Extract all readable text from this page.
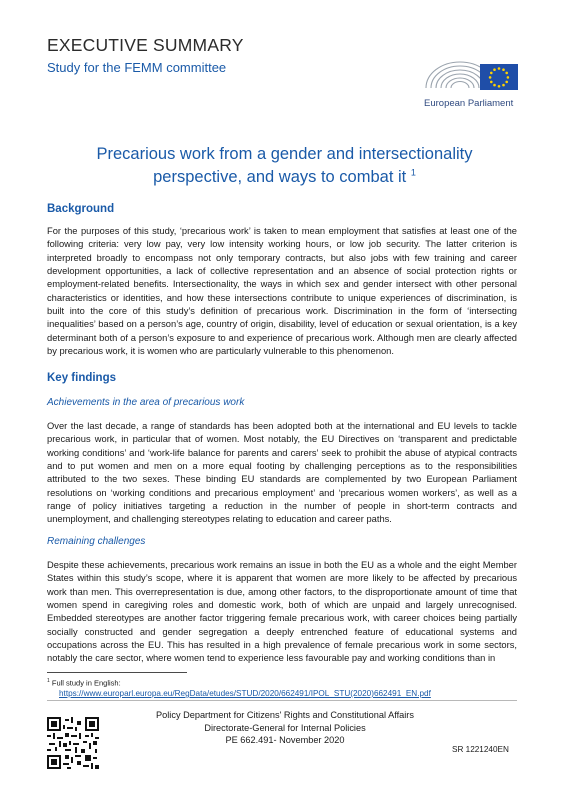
EXECUTIVE SUMMARY
Study for the FEMM committee
European Parliament
Precarious work from a gender and intersectionality
perspective, and ways to combat it $^1$
Background
For the purposes of this study, ‘precarious work’ is taken to mean employment that satisfies at least one of the following criteria: very low pay, very low intensity working hours, or low job security. The latter criterion is interpreted broadly to encompass not only temporary contracts, but also jobs with few training and career development opportunities, a lack of collective representation and an absence of social protection rights or employment-related benefits. Intersectionality, the ways in which sex and gender intersect with other personal characteristics or identities, and how these intersections contribute to unique experiences of discrimination, is built into the core of this study’s definition of precarious work. Discrimination in the form of ‘intersecting inequalities’ based on a person’s age, country of origin, disability, level of education or sexual orientation, is a key determinant both of a person’s exposure to and experience of precarious work. Although men are clearly affected by precarious work, it is women who are particularly vulnerable to this phenomenon.
Key findings
Achievements in the area of precarious work
Over the last decade, a range of standards has been adopted both at the international and EU levels to tackle precarious work, in particular that of women. Most notably, the EU Directives on ‘transparent and predictable working conditions’ and ‘work-life balance for parents and carers’ seek to prohibit the abuse of atypical contracts and to put women and men on a more equal footing by challenging perceptions as to the responsibilities attributed to the two sexes. These binding EU standards are complemented by two European Parliament resolutions on ‘working conditions and precarious employment’ and ‘precarious women workers’, as well as a range of policy initiatives targeting a reduction in the number of people in short-term contracts and unemployment, and challenging stereotypes relating to education and career paths.
Remaining challenges
Despite these achievements, precarious work remains an issue in both the EU as a whole and the eight Member States within this study’s scope, where it is apparent that women are more likely to be affected by precarious work than men. This overrepresentation is due, among other factors, to the disproportionate amount of time that women spend in caregiving roles and domestic work, both of which are unpaid and largely unrecognised. Embedded stereotypes are another factor triggering female precarious work, with career choices being partially socially constructed and gender segregation a deeply entrenched feature of educational systems and occupations across the EU. This has resulted in a high prevalence of female precarious work in some sectors, notably the care sector, where women tend to experience less favourable pay and working conditions than in
$^1$ Full study in English:
https://www.europarl.europa.eu/RegData/etudes/STUD/2020/662491/IPOL_STU(2020)662491_EN.pdf
Policy Department for Citizens' Rights and Constitutional Affairs
Directorate-General for Internal Policies
PE 662.491- November 2020
SR 1221240EN
